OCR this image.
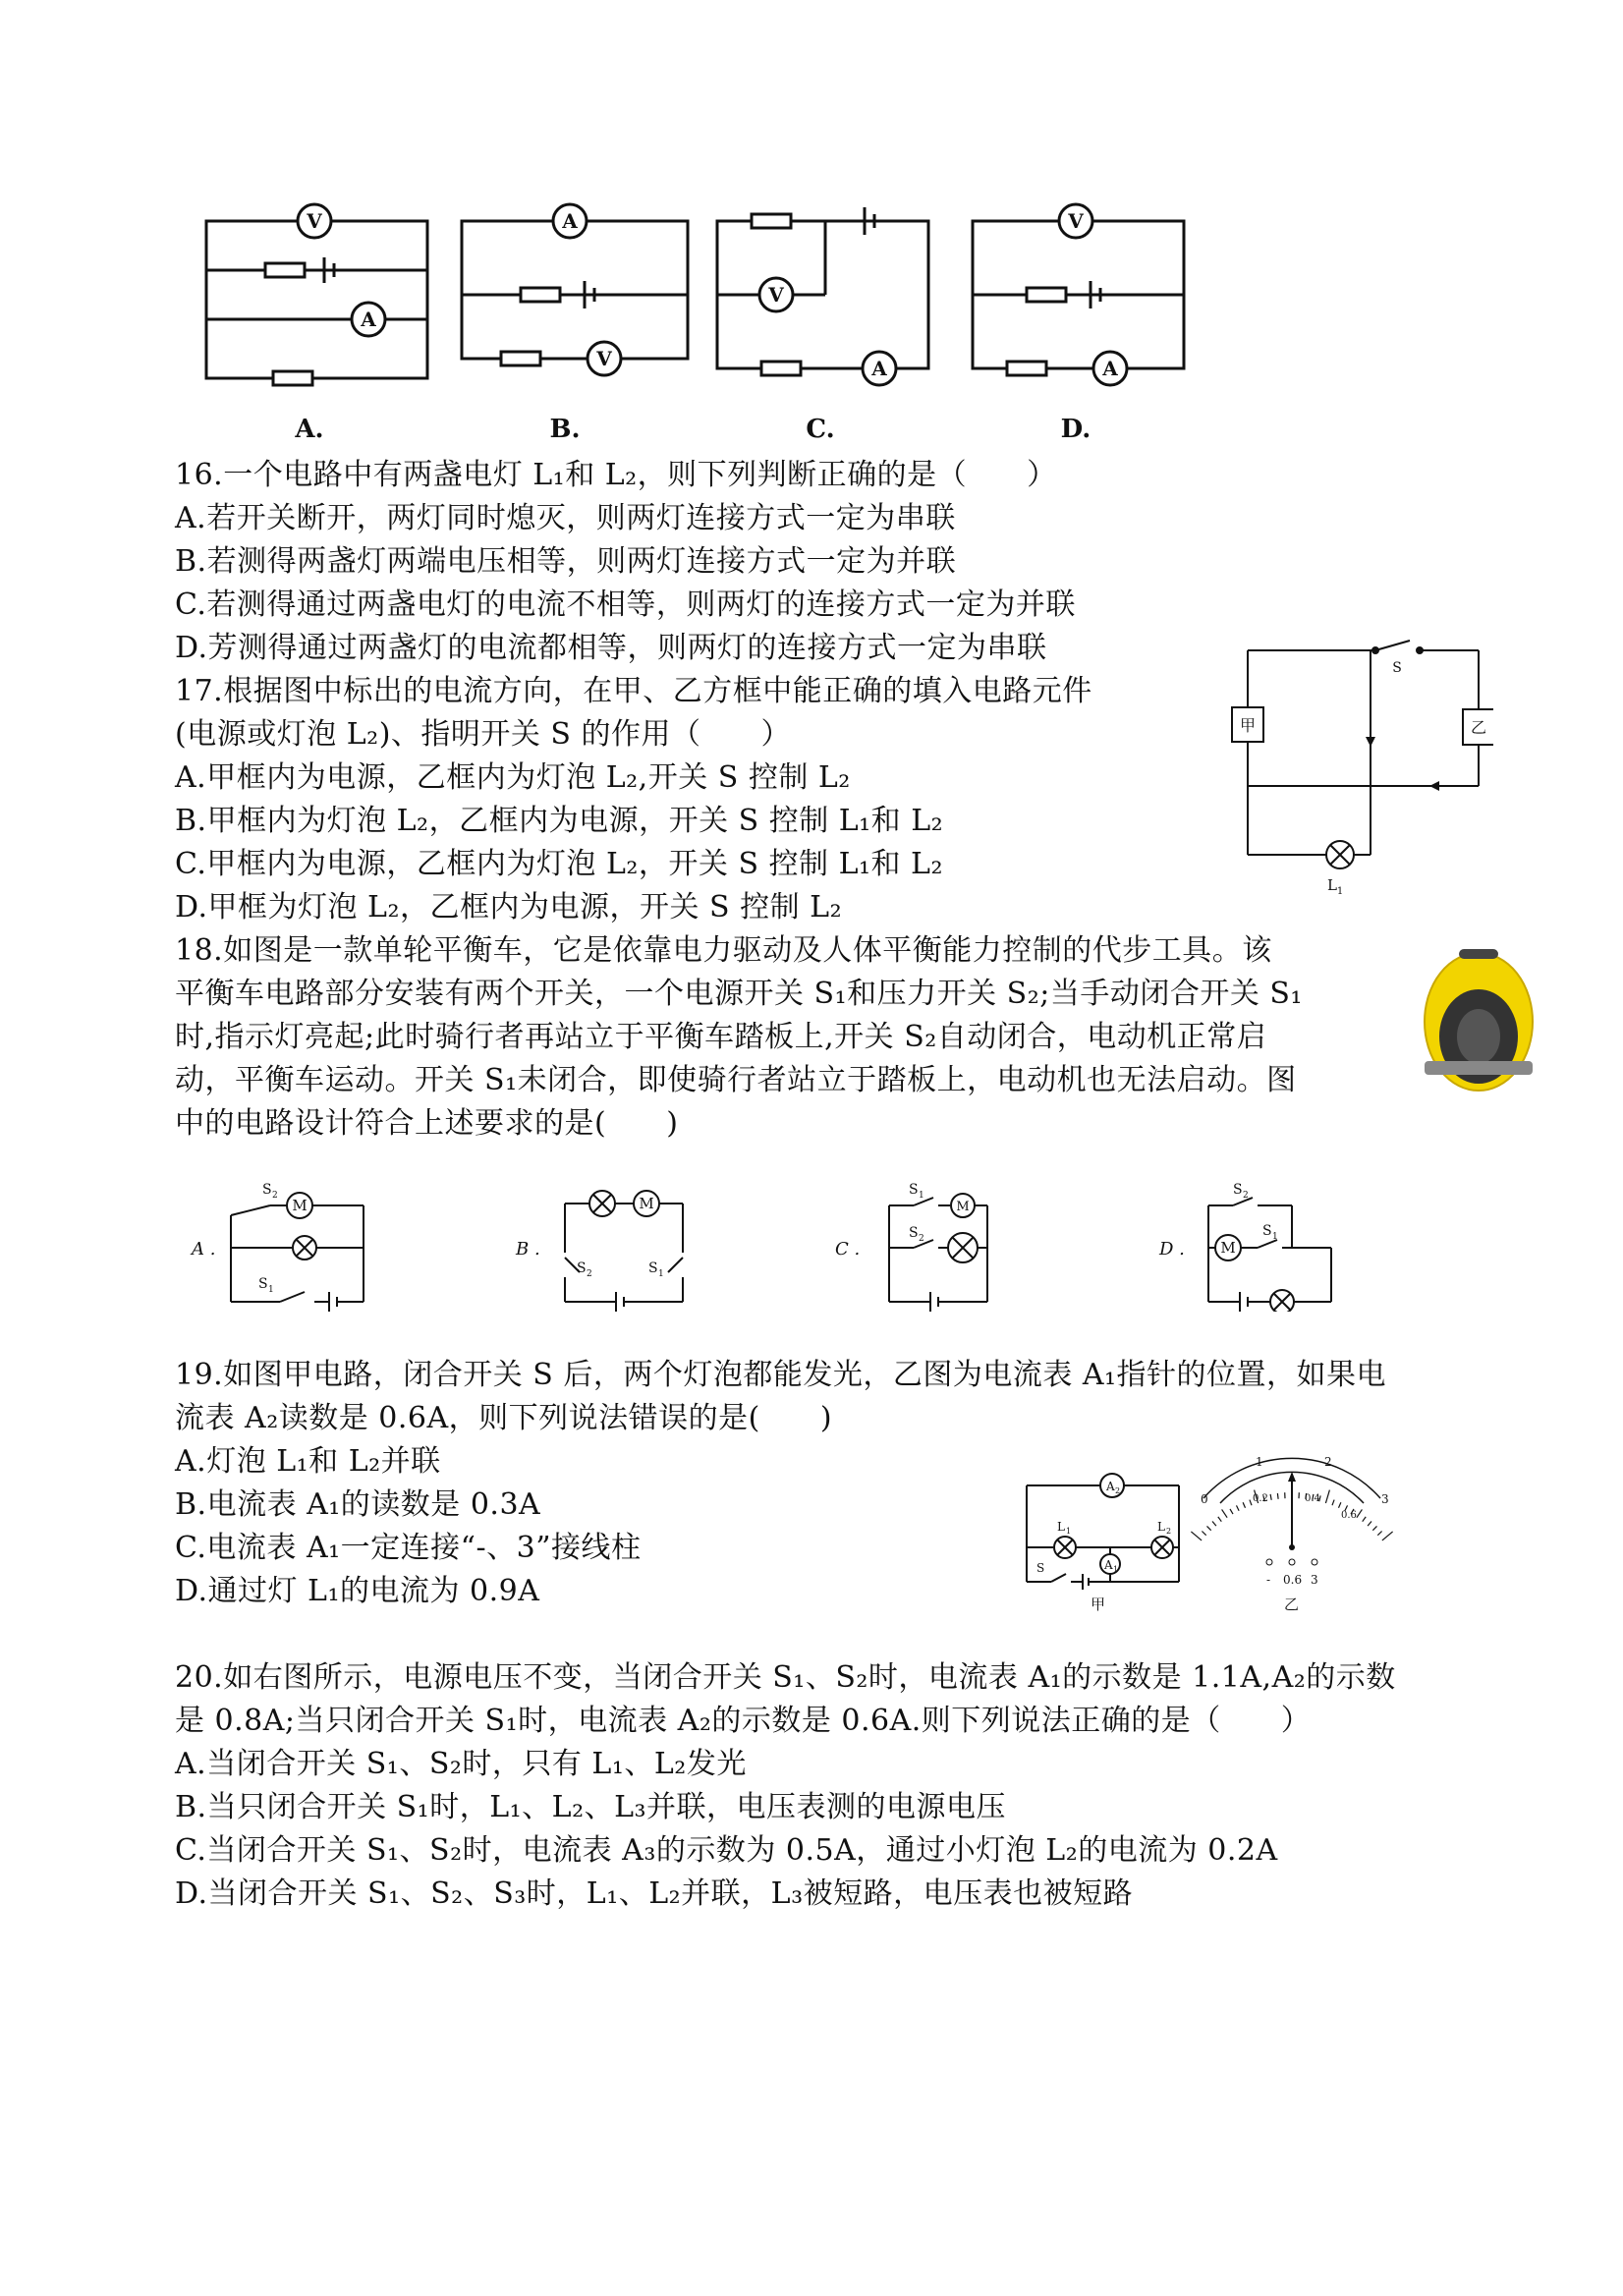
V
A
A
V
V
A
V
A
A.	B.	C.	D.
16.一个电路中有两盏电灯 L₁和 L₂，则下列判断正确的是（　　）
A.若开关断开，两灯同时熄灭，则两灯连接方式一定为串联
B.若测得两盏灯两端电压相等，则两灯连接方式一定为并联
C.若测得通过两盏电灯的电流不相等，则两灯的连接方式一定为并联
D.芳测得通过两盏灯的电流都相等，则两灯的连接方式一定为串联
17.根据图中标出的电流方向，在甲、乙方框中能正确的填入电路元件
(电源或灯泡 L₂)、指明开关 S 的作用（　　）
A.甲框内为电源，乙框内为灯泡 L₂,开关 S 控制 L₂
B.甲框内为灯泡 L₂，乙框内为电源，开关 S 控制 L₁和 L₂
C.甲框内为电源，乙框内为灯泡 L₂，开关 S 控制 L₁和 L₂
D.甲框为灯泡 L₂，乙框内为电源，开关 S 控制 L₂
甲	乙
S
L 1
18.如图是一款单轮平衡车，它是依靠电力驱动及人体平衡能力控制的代步工具。该
平衡车电路部分安装有两个开关，一个电源开关 S₁和压力开关 S₂;当手动闭合开关 S₁
时,指示灯亮起;此时骑行者再站立于平衡车踏板上,开关 S₂自动闭合，电动机正常启
动，平衡车运动。开关 S₁未闭合，即使骑行者站立于踏板上，电动机也无法启动。图
中的电路设计符合上述要求的是(　　)
M	M	M
M
S 2
S 1
S 2	S 1
S 1
S 2
S 2
S 1
A .	B .	C .	D .
19.如图甲电路，闭合开关 S 后，两个灯泡都能发光，乙图为电流表 A₁指针的位置，如果电
流表 A₂读数是 0.6A，则下列说法错误的是(　　)
A.灯泡 L₁和 L₂并联
B.电流表 A₁的读数是 0.3A
C.电流表 A₁一定连接“-、3”接线柱
D.通过灯 L₁的电流为 0.9A
A 2
A 1
L 1	L 2
S
甲	乙
0
1	2
3
0.2	0.4
0.6
- 0.6 3
20.如右图所示，电源电压不变，当闭合开关 S₁、S₂时，电流表 A₁的示数是 1.1A,A₂的示数
是 0.8A;当只闭合开关 S₁时，电流表 A₂的示数是 0.6A.则下列说法正确的是（　　）
A.当闭合开关 S₁、S₂时，只有 L₁、L₂发光
B.当只闭合开关 S₁时，L₁、L₂、L₃并联，电压表测的电源电压
C.当闭合开关 S₁、S₂时，电流表 A₃的示数为 0.5A，通过小灯泡 L₂的电流为 0.2A
D.当闭合开关 S₁、S₂、S₃时，L₁、L₂并联，L₃被短路，电压表也被短路
